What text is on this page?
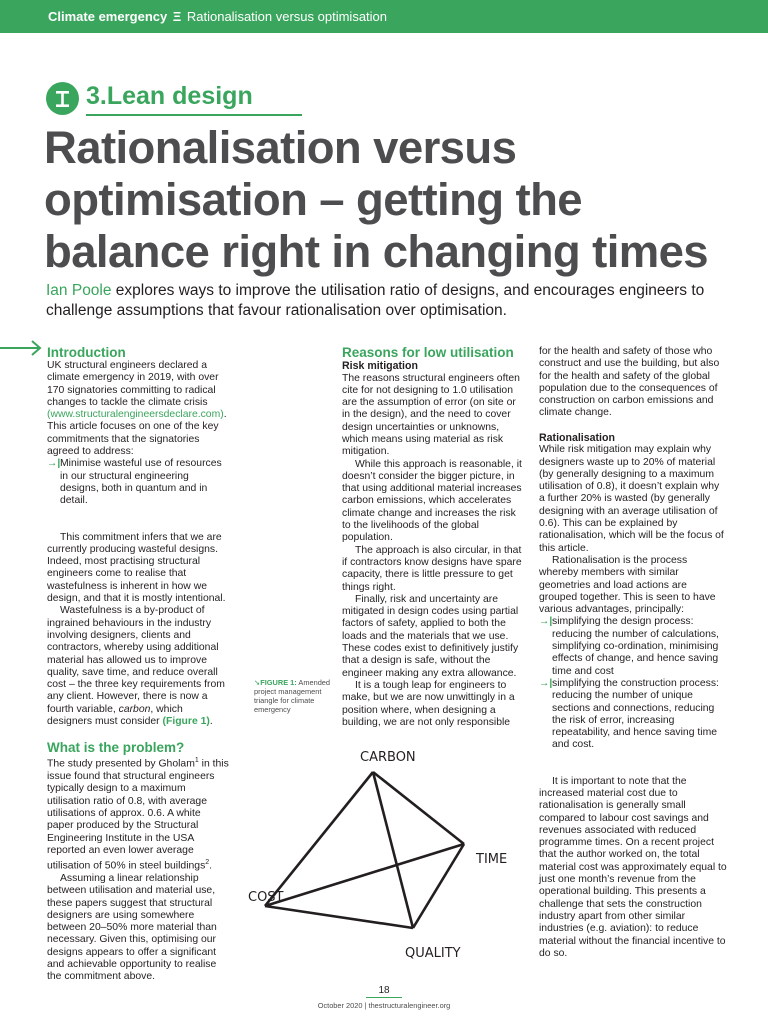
Climate emergency Ξ Rationalisation versus optimisation
3.Lean design
Rationalisation versus optimisation – getting the balance right in changing times

Ian Poole explores ways to improve the utilisation ratio of designs, and encourages engineers to challenge assumptions that favour rationalisation over optimisation.

Introduction

UK structural engineers declared a climate emergency in 2019, with over 170 signatories committing to radical changes to tackle the climate crisis (www.structuralengineersdeclare.com). This article focuses on one of the key commitments that the signatories agreed to address:

→| Minimise wasteful use of resources in our structural engineering designs, both in quantum and in detail.

This commitment infers that we are currently producing wasteful designs. Indeed, most practising structural engineers come to realise that wastefulness is inherent in how we design, and that it is mostly intentional.

Wastefulness is a by-product of ingrained behaviours in the industry involving designers, clients and contractors, whereby using additional material has allowed us to improve quality, save time, and reduce overall cost – the three key requirements from any client. However, there is now a fourth variable, carbon, which designers must consider (Figure 1).

What is the problem?

The study presented by Gholam$^1$ in this issue found that structural engineers typically design to a maximum utilisation ratio of 0.8, with average utilisations of approx. 0.6. A white paper produced by the Structural Engineering Institute in the USA reported an even lower average utilisation of 50% in steel buildings$^2$.

Assuming a linear relationship between utilisation and material use, these papers suggest that structural designers are using somewhere between 20–50% more material than necessary. Given this, optimising our designs appears to offer a significant and achievable opportunity to realise the commitment above.

Reasons for low utilisation
Risk mitigation

The reasons structural engineers often cite for not designing to 1.0 utilisation are the assumption of error (on site or in the design), and the need to cover design uncertainties or unknowns, which means using material as risk mitigation.

While this approach is reasonable, it doesn’t consider the bigger picture, in that using additional material increases carbon emissions, which accelerates climate change and increases the risk to the livelihoods of the global population.

The approach is also circular, in that if contractors know designs have spare capacity, there is little pressure to get things right.

Finally, risk and uncertainty are mitigated in design codes using partial factors of safety, applied to both the loads and the materials that we use. These codes exist to definitively justify that a design is safe, without the engineer making any extra allowance.

It is a tough leap for engineers to make, but we are now unwittingly in a position where, when designing a building, we are not only responsible

for the health and safety of those who construct and use the building, but also for the health and safety of the global population due to the consequences of construction on carbon emissions and climate change.

Rationalisation

While risk mitigation may explain why designers waste up to 20% of material (by generally designing to a maximum utilisation of 0.8), it doesn’t explain why a further 20% is wasted (by generally designing with an average utilisation of 0.6). This can be explained by rationalisation, which will be the focus of this article.

Rationalisation is the process whereby members with similar geometries and load actions are grouped together. This is seen to have various advantages, principally:

→| simplifying the design process: reducing the number of calculations, simplifying co-ordination, minimising effects of change, and hence saving time and cost
→| simplifying the construction process: reducing the number of unique sections and connections, reducing the risk of error, increasing repeatability, and hence saving time and cost.

It is important to note that the increased material cost due to rationalisation is generally small compared to labour cost savings and revenues associated with reduced programme times. On a recent project that the author worked on, the total material cost was approximately equal to just one month’s revenue from the operational building. This presents a challenge that sets the construction industry apart from other similar industries (e.g. aviation): to reduce material without the financial incentive to do so.

➘FIGURE 1: Amended project management triangle for climate emergency
CARBON
TIME
COST
QUALITY
18
October 2020 | thestructuralengineer.org
